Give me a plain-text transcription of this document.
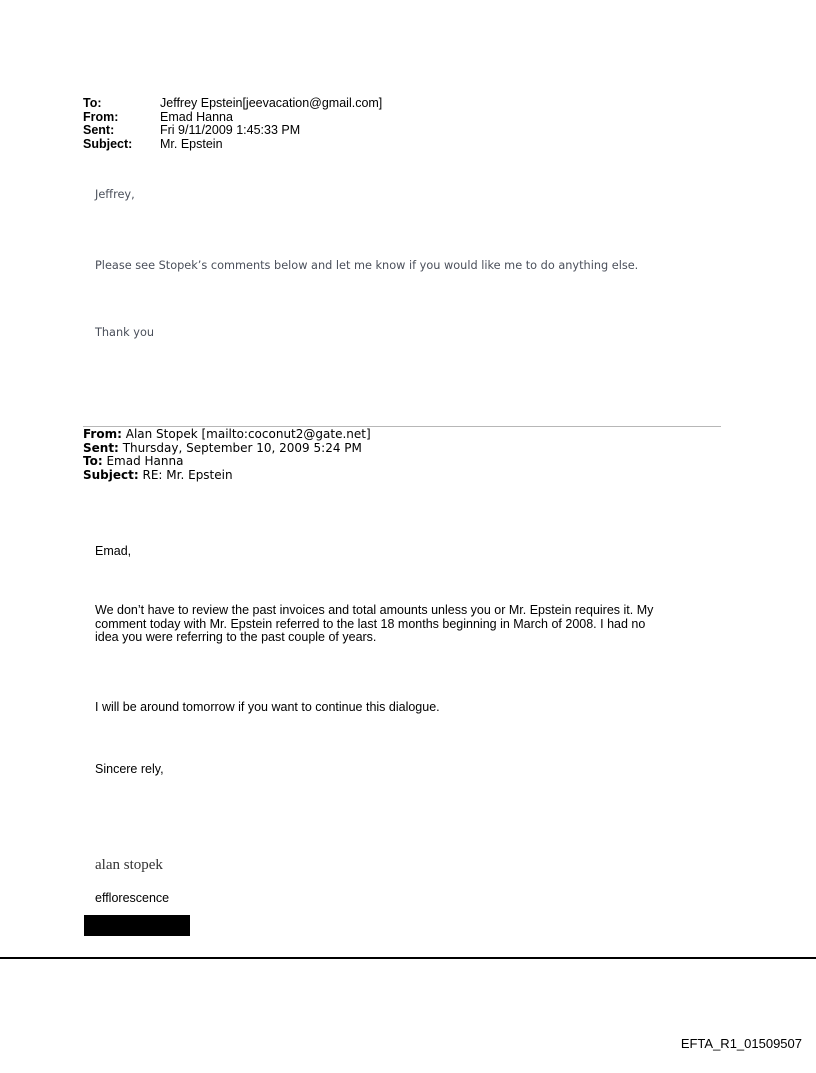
To:	Jeffrey Epstein[jeevacation@gmail.com]
From:	Emad Hanna
Sent:	Fri 9/11/2009 1:45:33 PM
Subject:	Mr. Epstein
Jeffrey,
Please see Stopek’s comments below and let me know if you would like me to do anything else.
Thank you
From: Alan Stopek [mailto:coconut2@gate.net]
Sent: Thursday, September 10, 2009 5:24 PM
To: Emad Hanna
Subject: RE: Mr. Epstein
Emad,
We don’t have to review the past invoices and total amounts unless you or Mr. Epstein requires it. My
comment today with Mr. Epstein referred to the last 18 months beginning in March of 2008. I had no
idea you were referring to the past couple of years.
I will be around tomorrow if you want to continue this dialogue.
Sincere rely,
alan stopek
efflorescence
EFTA_R1_01509507
